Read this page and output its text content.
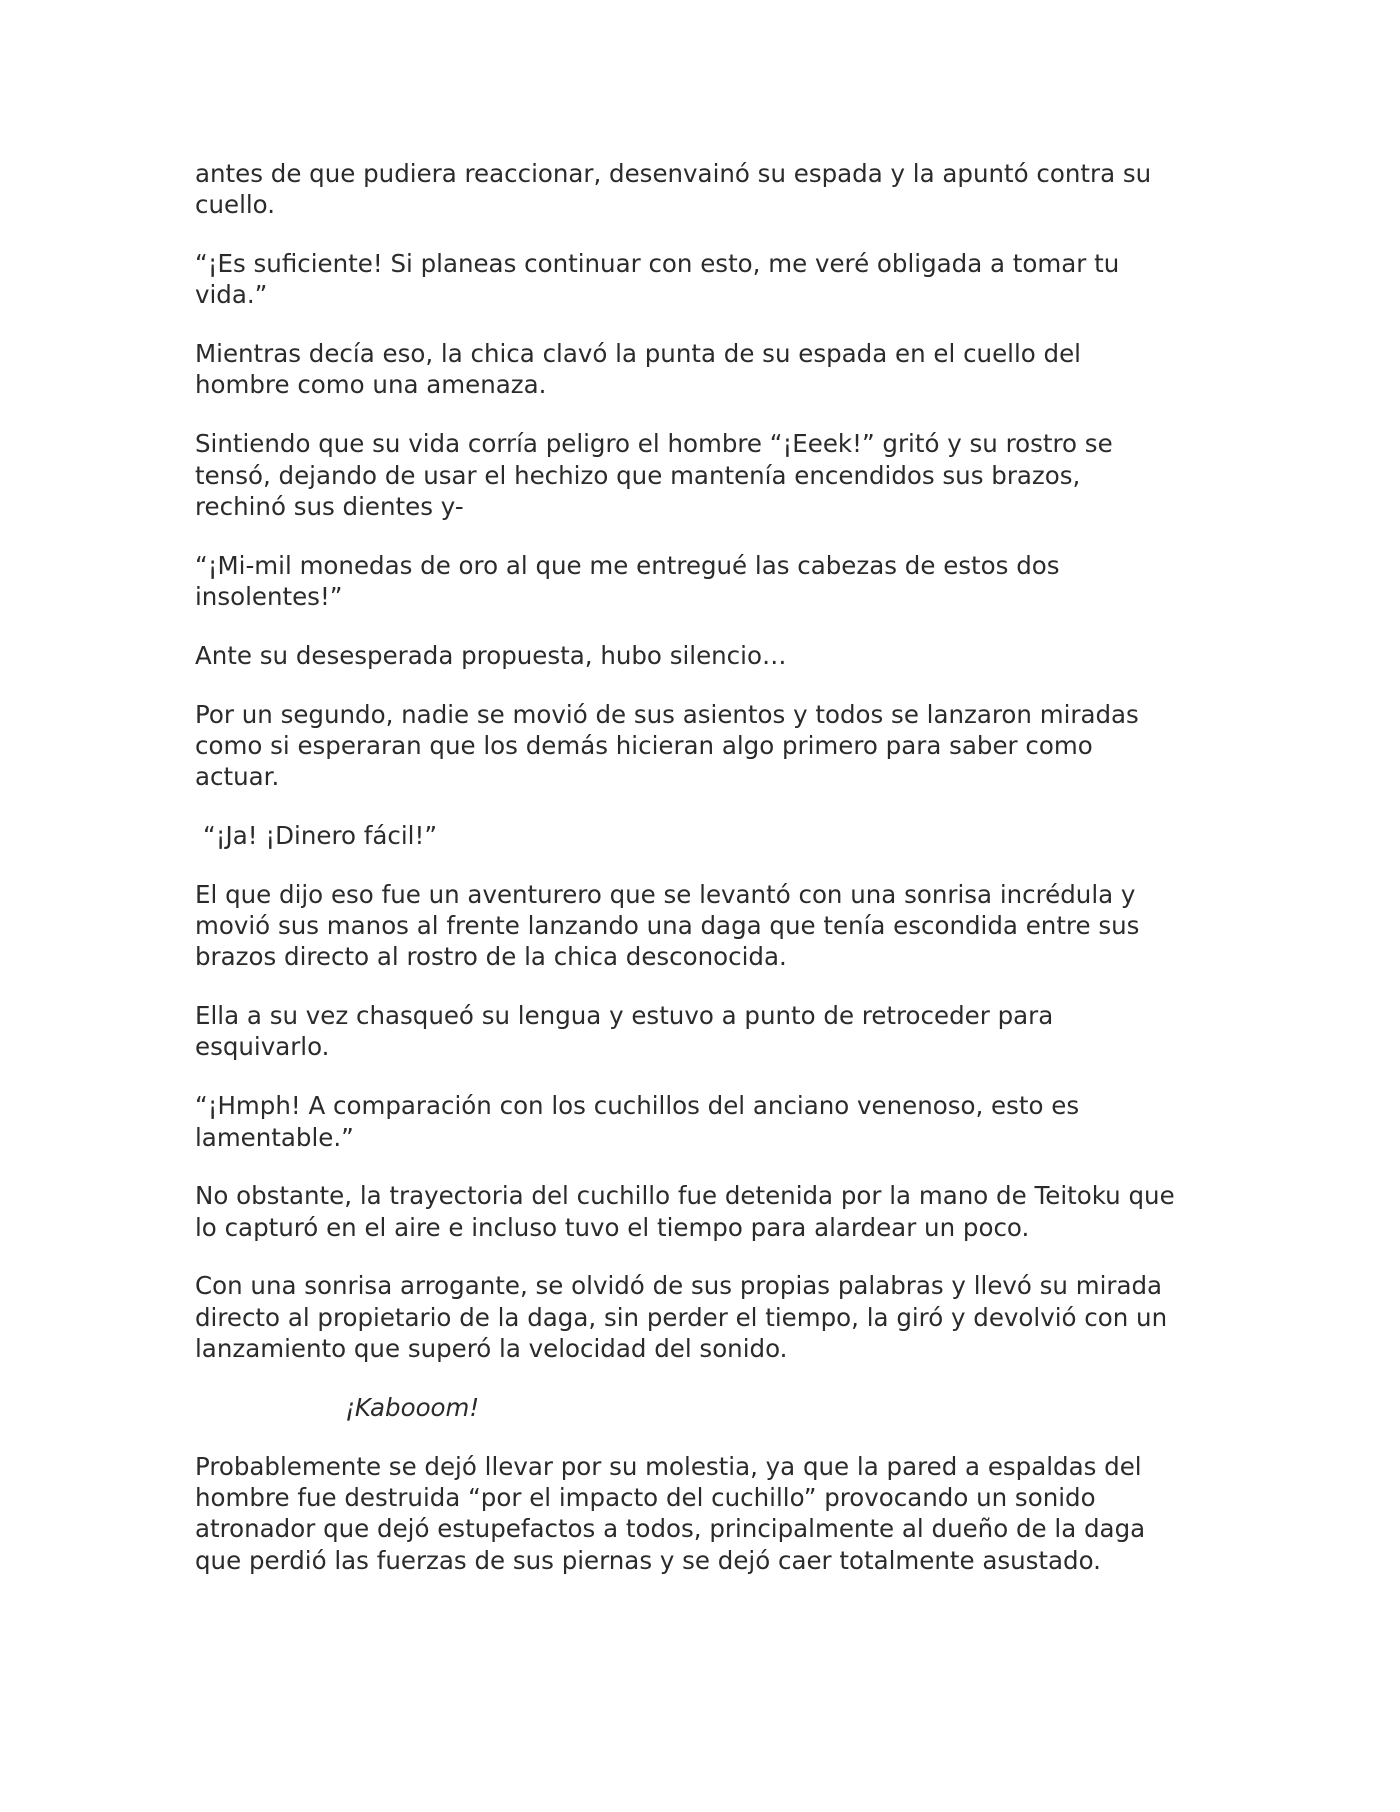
antes de que pudiera reaccionar, desenvainó su espada y la apuntó contra su
cuello.

“¡Es suficiente! Si planeas continuar con esto, me veré obligada a tomar tu
vida.”

Mientras decía eso, la chica clavó la punta de su espada en el cuello del
hombre como una amenaza.

Sintiendo que su vida corría peligro el hombre “¡Eeek!” gritó y su rostro se
tensó, dejando de usar el hechizo que mantenía encendidos sus brazos,
rechinó sus dientes y-

“¡Mi-mil monedas de oro al que me entregué las cabezas de estos dos
insolentes!”

Ante su desesperada propuesta, hubo silencio…

Por un segundo, nadie se movió de sus asientos y todos se lanzaron miradas
como si esperaran que los demás hicieran algo primero para saber como
actuar.

“¡Ja! ¡Dinero fácil!”

El que dijo eso fue un aventurero que se levantó con una sonrisa incrédula y
movió sus manos al frente lanzando una daga que tenía escondida entre sus
brazos directo al rostro de la chica desconocida.

Ella a su vez chasqueó su lengua y estuvo a punto de retroceder para
esquivarlo.

“¡Hmph! A comparación con los cuchillos del anciano venenoso, esto es
lamentable.”

No obstante, la trayectoria del cuchillo fue detenida por la mano de Teitoku que
lo capturó en el aire e incluso tuvo el tiempo para alardear un poco.

Con una sonrisa arrogante, se olvidó de sus propias palabras y llevó su mirada
directo al propietario de la daga, sin perder el tiempo, la giró y devolvió con un
lanzamiento que superó la velocidad del sonido.

¡Kabooom!

Probablemente se dejó llevar por su molestia, ya que la pared a espaldas del
hombre fue destruida “por el impacto del cuchillo” provocando un sonido
atronador que dejó estupefactos a todos, principalmente al dueño de la daga
que perdió las fuerzas de sus piernas y se dejó caer totalmente asustado.
